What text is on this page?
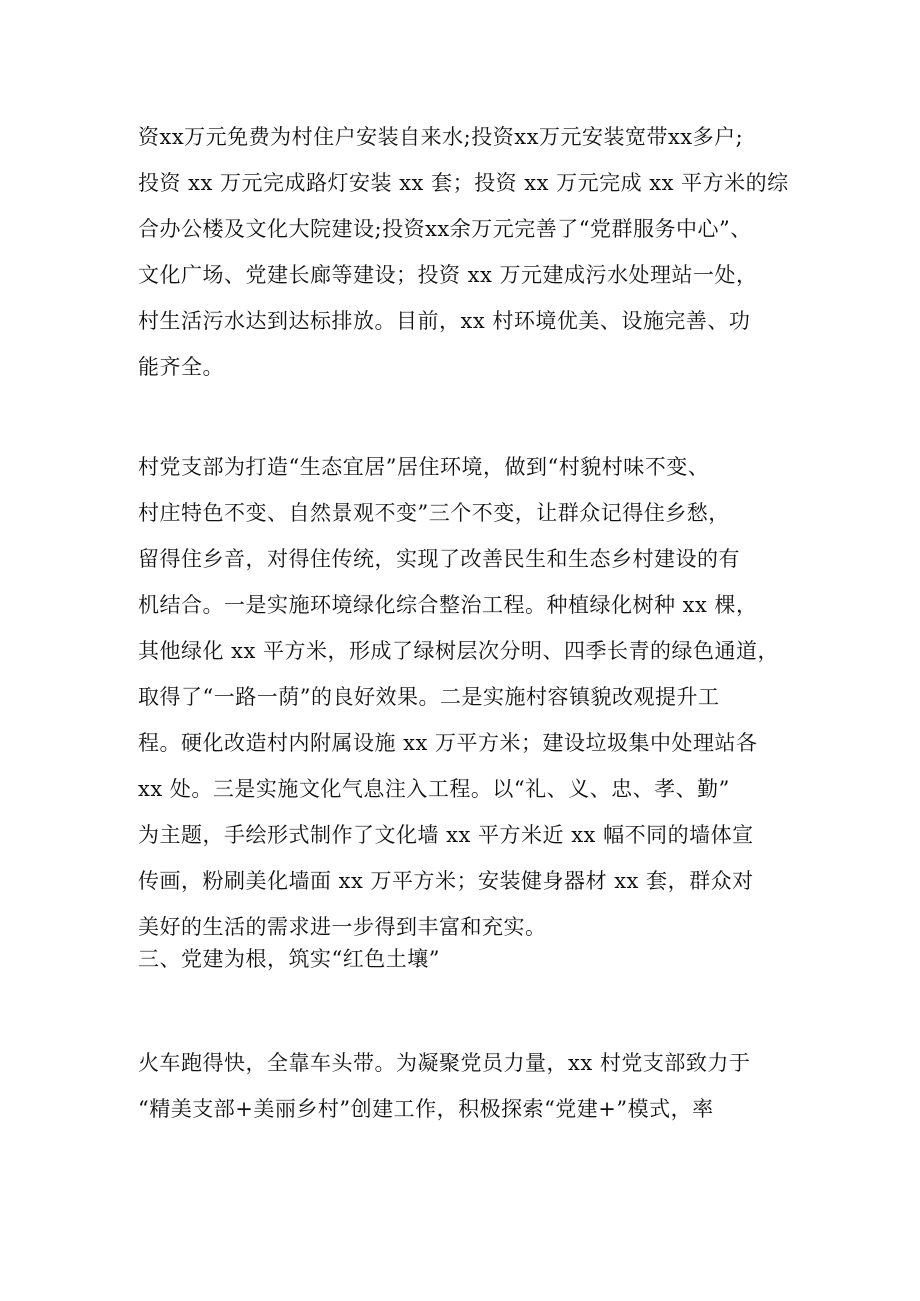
资xx万元免费为村住户安装自来水;投资xx万元安装宽带xx多户;
投资 xx 万元完成路灯安装 xx 套；投资 xx 万元完成 xx 平方米的综
合办公楼及文化大院建设;投资xx余万元完善了“党群服务中心”、
文化广场、党建长廊等建设；投资 xx 万元建成污水处理站一处，
村生活污水达到达标排放。目前，xx 村环境优美、设施完善、功
能齐全。
村党支部为打造“生态宜居”居住环境，做到“村貌村味不变、
村庄特色不变、自然景观不变”三个不变，让群众记得住乡愁，
留得住乡音，对得住传统，实现了改善民生和生态乡村建设的有
机结合。一是实施环境绿化综合整治工程。种植绿化树种 xx 棵，
其他绿化 xx 平方米，形成了绿树层次分明、四季长青的绿色通道，
取得了“一路一荫”的良好效果。二是实施村容镇貌改观提升工
程。硬化改造村内附属设施 xx 万平方米；建设垃圾集中处理站各
xx 处。三是实施文化气息注入工程。以“礼、义、忠、孝、勤”
为主题，手绘形式制作了文化墙 xx 平方米近 xx 幅不同的墙体宣
传画，粉刷美化墙面 xx 万平方米；安装健身器材 xx 套，群众对
美好的生活的需求进一步得到丰富和充实。
三、党建为根，筑实“红色土壤”
火车跑得快，全靠车头带。为凝聚党员力量，xx 村党支部致力于
“精美支部+美丽乡村”创建工作，积极探索“党建+”模式，率
